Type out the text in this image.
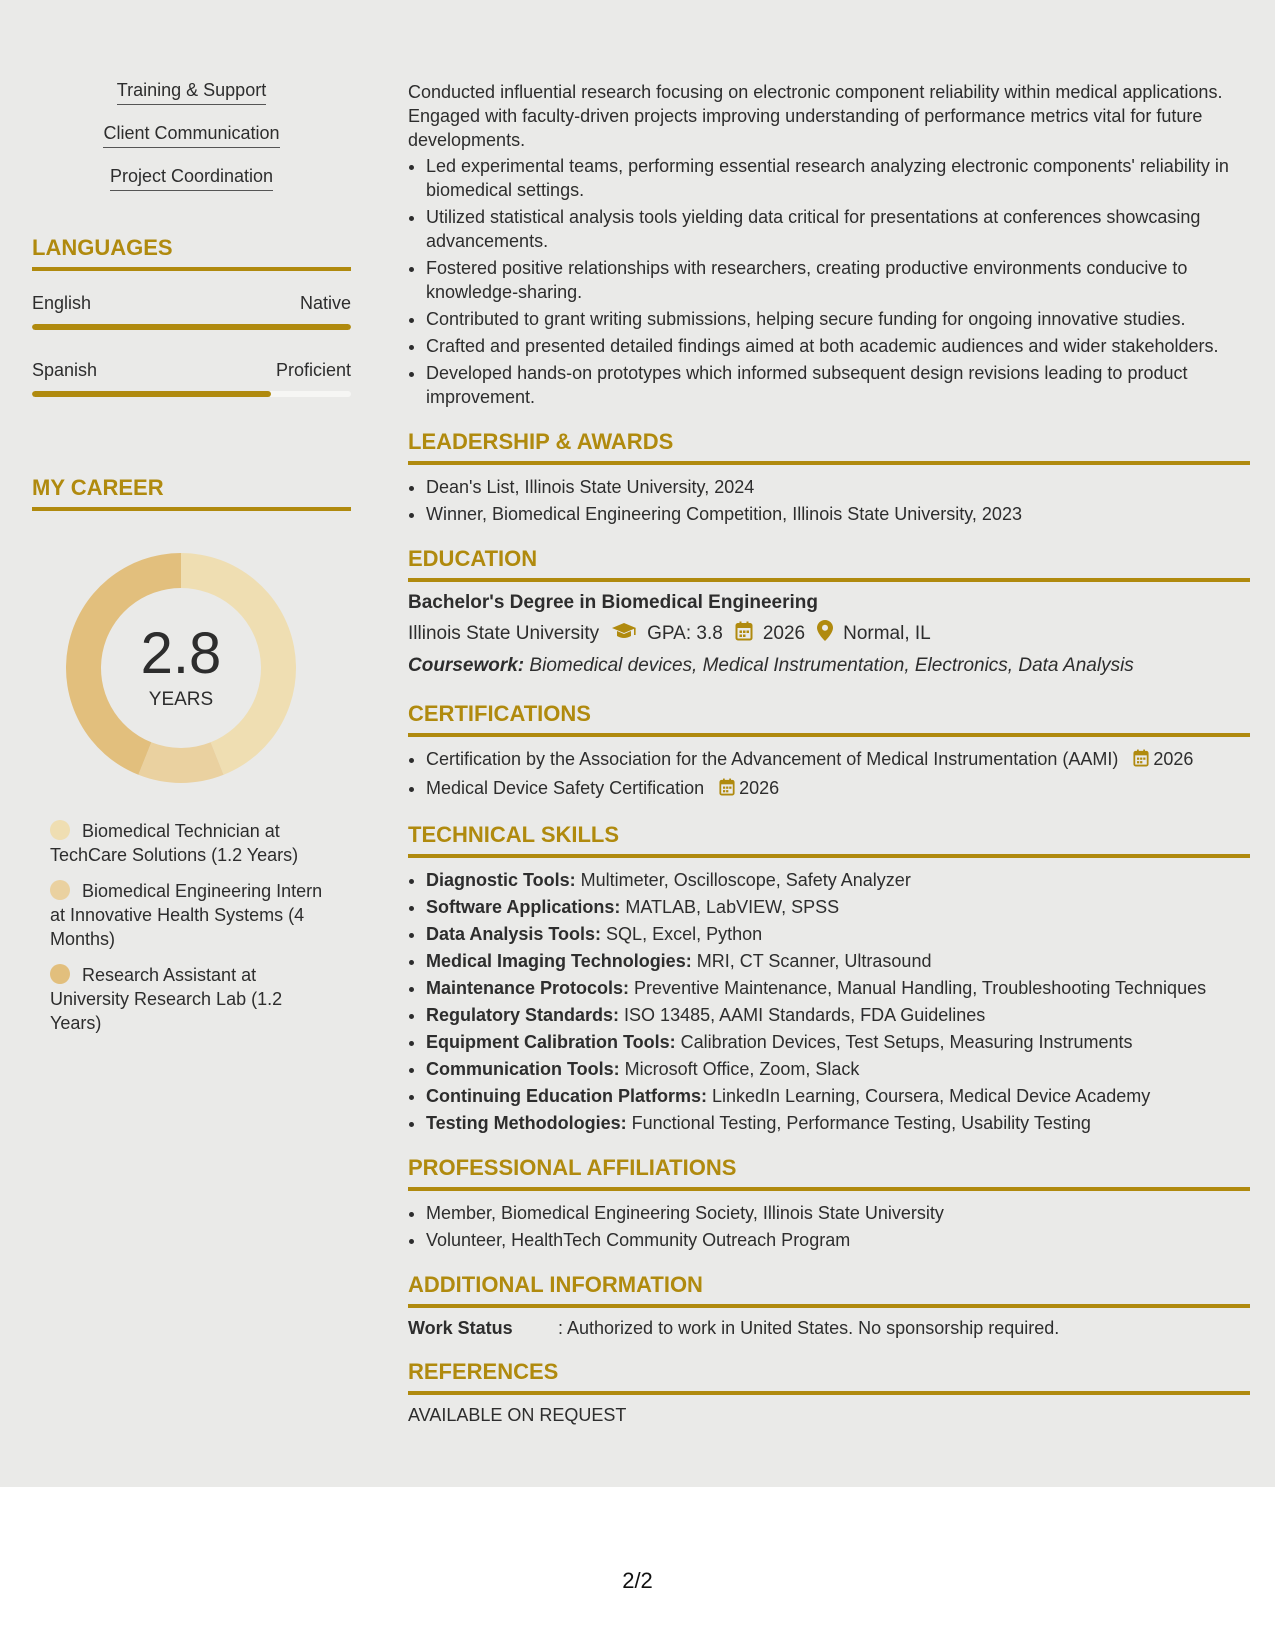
Training & Support
Client Communication
Project Coordination
LANGUAGES
English	Native
Spanish	Proficient
MY CAREER
2.8
YEARS
Biomedical Technician at TechCare Solutions (1.2 Years)
Biomedical Engineering Intern at Innovative Health Systems (4 Months)
Research Assistant at University Research Lab (1.2 Years)

Conducted influential research focusing on electronic component reliability within medical applications. Engaged with faculty-driven projects improving understanding of performance metrics vital for future developments.

• Led experimental teams, performing essential research analyzing electronic components' reliability in biomedical settings.
• Utilized statistical analysis tools yielding data critical for presentations at conferences showcasing advancements.
• Fostered positive relationships with researchers, creating productive environments conducive to knowledge-sharing.
• Contributed to grant writing submissions, helping secure funding for ongoing innovative studies.
• Crafted and presented detailed findings aimed at both academic audiences and wider stakeholders.
• Developed hands-on prototypes which informed subsequent design revisions leading to product improvement.
LEADERSHIP & AWARDS
• Dean's List, Illinois State University, 2024
• Winner, Biomedical Engineering Competition, Illinois State University, 2023
EDUCATION
Bachelor's Degree in Biomedical Engineering
Illinois State University	GPA: 3.8 2026 Normal, IL
Coursework: Biomedical devices, Medical Instrumentation, Electronics, Data Analysis
CERTIFICATIONS
• Certification by the Association for the Advancement of Medical Instrumentation (AAMI) 2026
• Medical Device Safety Certification 2026
TECHNICAL SKILLS
• Diagnostic Tools: Multimeter, Oscilloscope, Safety Analyzer
• Software Applications: MATLAB, LabVIEW, SPSS
• Data Analysis Tools: SQL, Excel, Python
• Medical Imaging Technologies: MRI, CT Scanner, Ultrasound
• Maintenance Protocols: Preventive Maintenance, Manual Handling, Troubleshooting Techniques
• Regulatory Standards: ISO 13485, AAMI Standards, FDA Guidelines
• Equipment Calibration Tools: Calibration Devices, Test Setups, Measuring Instruments
• Communication Tools: Microsoft Office, Zoom, Slack
• Continuing Education Platforms: LinkedIn Learning, Coursera, Medical Device Academy
• Testing Methodologies: Functional Testing, Performance Testing, Usability Testing
PROFESSIONAL AFFILIATIONS
• Member, Biomedical Engineering Society, Illinois State University
• Volunteer, HealthTech Community Outreach Program
ADDITIONAL INFORMATION
Work Status	: Authorized to work in United States. No sponsorship required.
REFERENCES
AVAILABLE ON REQUEST
2/2
